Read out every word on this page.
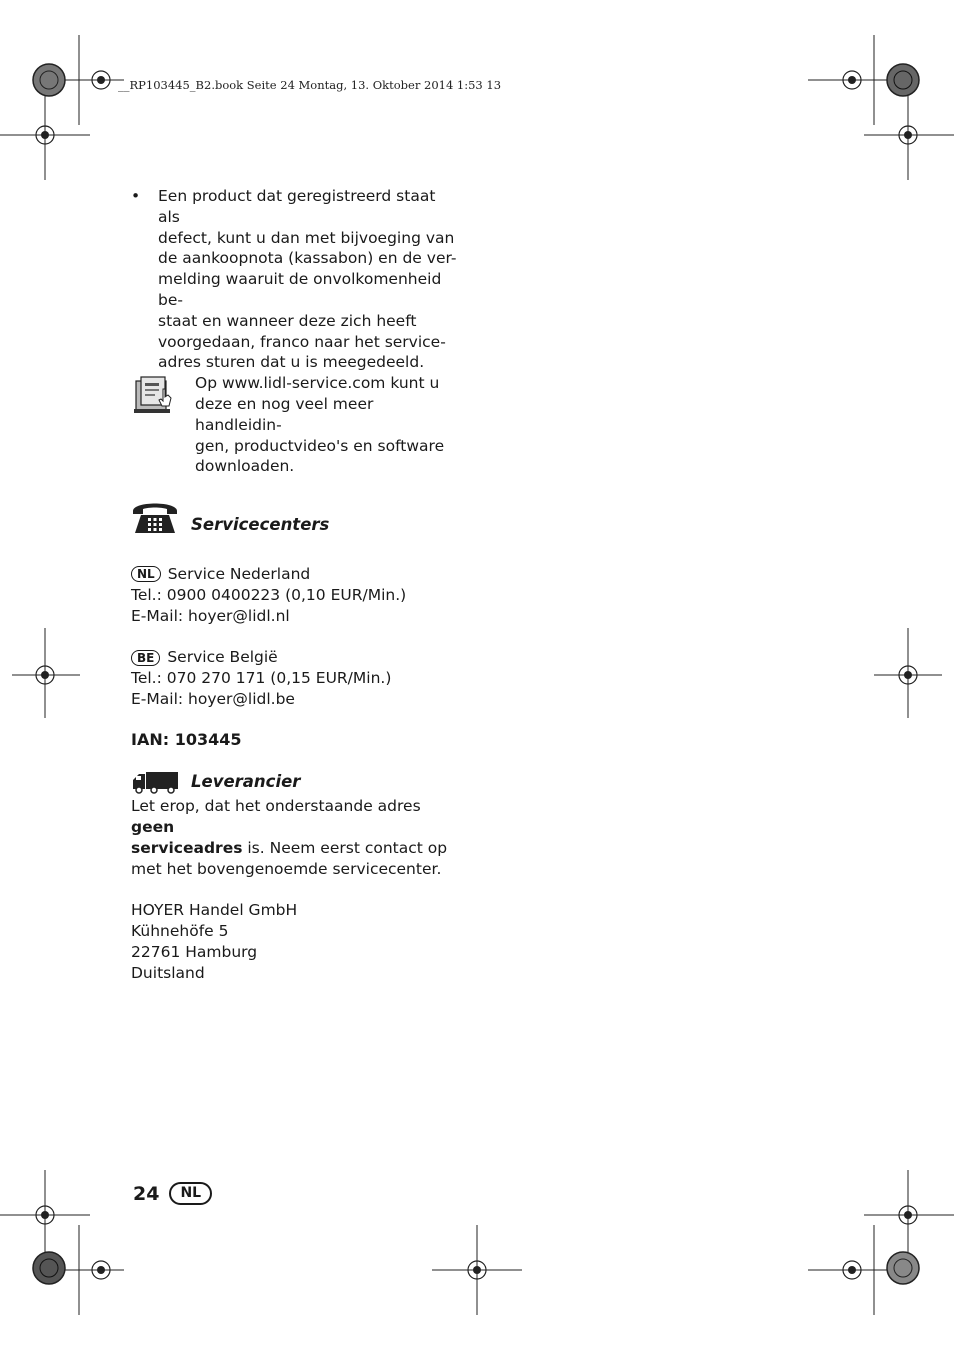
__RP103445_B2.book Seite 24 Montag, 13. Oktober 2014 1:53 13
• Een product dat geregistreerd staat als
defect, kunt u dan met bijvoeging van
de aankoopnota (kassabon) en de ver-
melding waaruit de onvolkomenheid be-
staat en wanneer deze zich heeft
voorgedaan, franco naar het service-
adres sturen dat u is meegedeeld.
Op www.lidl-service.com kunt u
deze en nog veel meer handleidin-
gen, productvideo's en software
downloaden.
Servicecenters
NL Service Nederland
Tel.: 0900 0400223 (0,10 EUR/Min.)
E-Mail: hoyer@lidl.nl
BE Service België
Tel.: 070 270 171 (0,15 EUR/Min.)
E-Mail: hoyer@lidl.be
IAN: 103445
Leverancier
Let erop, dat het onderstaande adres geen
serviceadres is. Neem eerst contact op
met het bovengenoemde servicecenter.
HOYER Handel GmbH
Kühnehöfe 5
22761 Hamburg
Duitsland
24	NL
